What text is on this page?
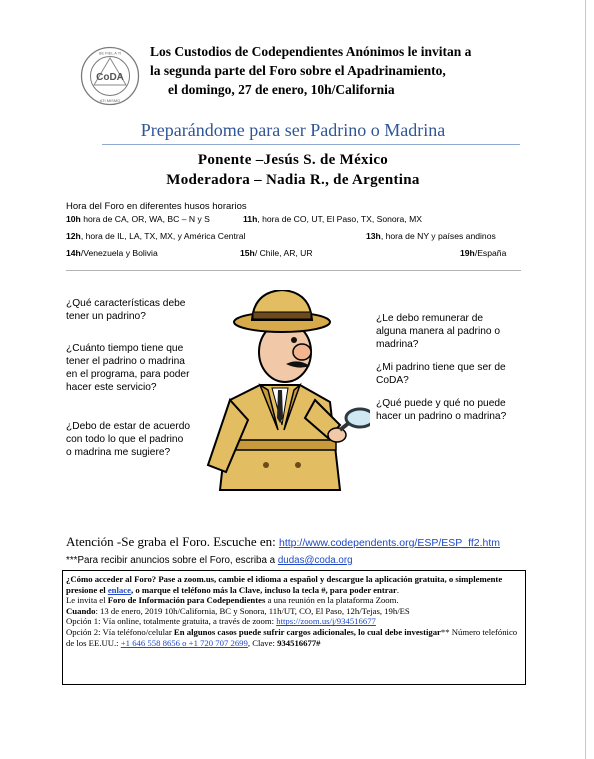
CoDA
SE FIEL A TI
ATI MISMO
Los Custodios de Codependientes Anónimos le invitan a
la segunda parte del Foro sobre el Apadrinamiento,
el domingo, 27 de enero, 10h/California
Preparándome para ser Padrino o Madrina
Ponente –Jesús S. de México
Moderadora – Nadia R., de Argentina
Hora del Foro en diferentes husos horarios
10h hora de CA, OR, WA, BC – N y S	11h, hora de CO, UT, El Paso, TX, Sonora, MX
12h, hora de IL, LA, TX, MX, y América Central	13h, hora de NY y países andinos
14h/Venezuela y Bolivia	15h/ Chile, AR, UR	19h/España
¿Qué características debe tener un padrino?
¿Cuánto tiempo tiene que tener el padrino o madrina en el programa, para poder hacer este servicio?
¿Debo de estar de acuerdo con todo lo que el padrino o madrina me sugiere?
¿Le debo remunerar de alguna manera al padrino o madrina?
¿Mi padrino tiene que ser de CoDA?
¿Qué puede y qué no puede hacer un padrino o madrina?
Atención -Se graba el Foro. Escuche en: http://www.codependents.org/ESP/ESP_ff2.htm
***Para recibir anuncios sobre el Foro, escriba a dudas@coda.org

¿Cómo acceder al Foro? Pase a zoom.us, cambie el idioma a español y descargue la aplicación gratuita, o simplemente presione el enlace, o marque el teléfono más la Clave, incluso la tecla #, para poder entrar.

Le invita el Foro de Información para Codependientes a una reunión en la plataforma Zoom.

Cuando: 13 de enero, 2019 10h/California, BC y Sonora, 11h/UT, CO, El Paso, 12h/Tejas, 19h/ES

Opción 1: Vía online, totalmente gratuita, a través de zoom: https://zoom.us/j/934516677

Opción 2: Vía teléfono/celular En algunos casos puede sufrir cargos adicionales, lo cual debe investigar** Número telefónico de los EE.UU.: +1 646 558 8656 o +1 720 707 2699, Clave: 934516677#
